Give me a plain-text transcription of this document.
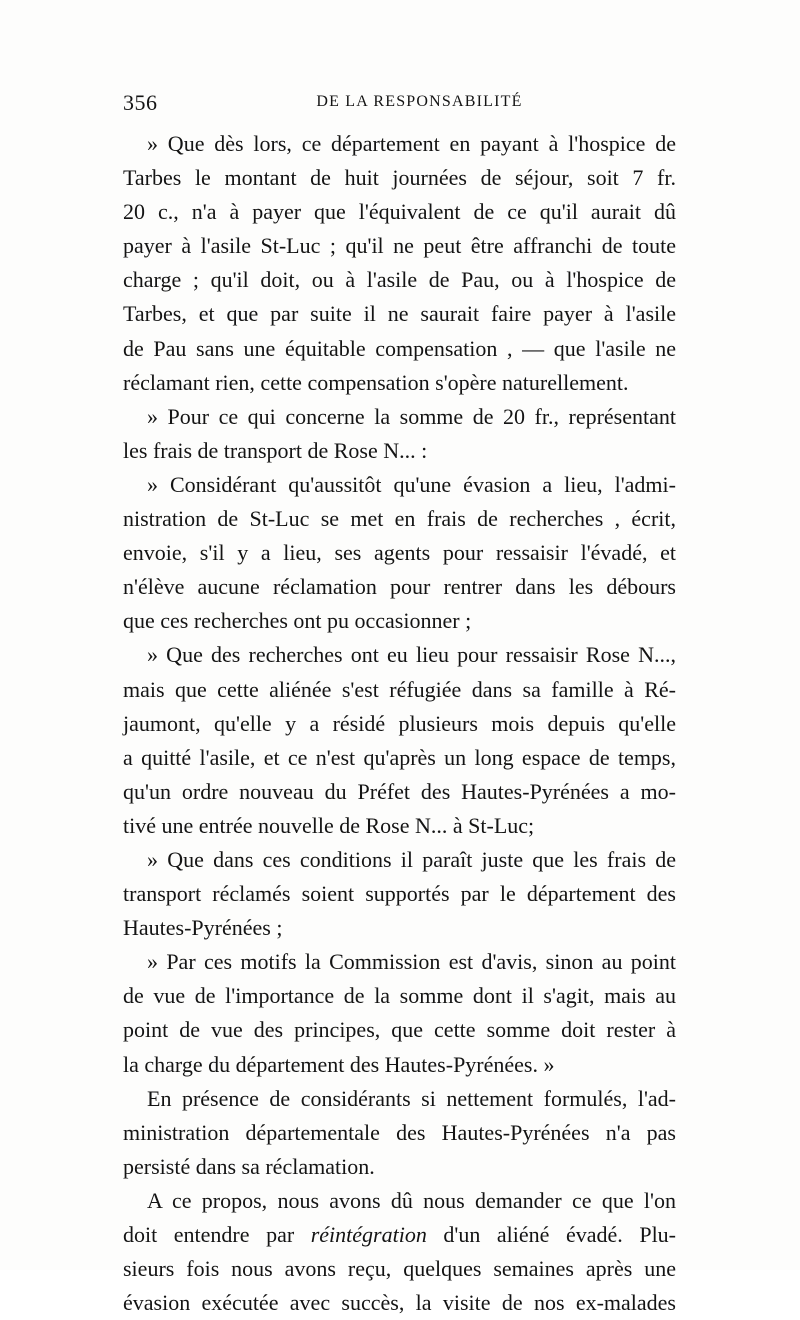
356	DE LA RESPONSABILITÉ
» Que dès lors, ce département en payant à l'hospice de
Tarbes le montant de huit journées de séjour, soit 7 fr.
20 c., n'a à payer que l'équivalent de ce qu'il aurait dû
payer à l'asile St-Luc ; qu'il ne peut être affranchi de toute
charge ; qu'il doit, ou à l'asile de Pau, ou à l'hospice de
Tarbes, et que par suite il ne saurait faire payer à l'asile
de Pau sans une équitable compensation , — que l'asile ne
réclamant rien, cette compensation s'opère naturellement.
» Pour ce qui concerne la somme de 20 fr., représentant
les frais de transport de Rose N... :
» Considérant qu'aussitôt qu'une évasion a lieu, l'admi-
nistration de St-Luc se met en frais de recherches , écrit,
envoie, s'il y a lieu, ses agents pour ressaisir l'évadé, et
n'élève aucune réclamation pour rentrer dans les débours
que ces recherches ont pu occasionner ;
» Que des recherches ont eu lieu pour ressaisir Rose N...,
mais que cette aliénée s'est réfugiée dans sa famille à Ré-
jaumont, qu'elle y a résidé plusieurs mois depuis qu'elle
a quitté l'asile, et ce n'est qu'après un long espace de temps,
qu'un ordre nouveau du Préfet des Hautes-Pyrénées a mo-
tivé une entrée nouvelle de Rose N... à St-Luc;
» Que dans ces conditions il paraît juste que les frais de
transport réclamés soient supportés par le département des
Hautes-Pyrénées ;
» Par ces motifs la Commission est d'avis, sinon au point
de vue de l'importance de la somme dont il s'agit, mais au
point de vue des principes, que cette somme doit rester à
la charge du département des Hautes-Pyrénées. »
En présence de considérants si nettement formulés, l'ad-
ministration départementale des Hautes-Pyrénées n'a pas
persisté dans sa réclamation.
A ce propos, nous avons dû nous demander ce que l'on
doit entendre par réintégration d'un aliéné évadé. Plu-
sieurs fois nous avons reçu, quelques semaines après une
évasion exécutée avec succès, la visite de nos ex-malades
